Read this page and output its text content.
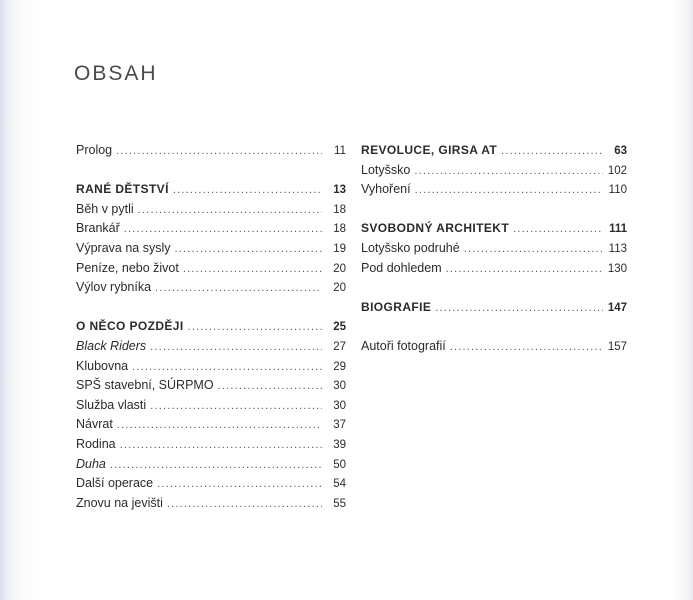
OBSAH
Prolog .....	11
RANÉ DĚTSTVÍ .....	13
Běh v pytli .....	18
Brankář .....	18
Výprava na sysly .....	19
Peníze, nebo život .....	20
Výlov rybníka .....	20
O NĚCO POZDĚJI .....	25
Black Riders .....	27
Klubovna .....	29
SPŠ stavební, SÚRPMO .....	30
Služba vlasti .....	30
Návrat .....	37
Rodina .....	39
Duha .....	50
Další operace .....	54
Znovu na jevišti .....	55
REVOLUCE, GIRSA AT .....	63
Lotyšsko .....	102
Vyhoření .....	110
SVOBODNÝ ARCHITEKT .....	111
Lotyšsko podruhé .....	113
Pod dohledem .....	130
BIOGRAFIE .....	147
Autoři fotografií .....	157
